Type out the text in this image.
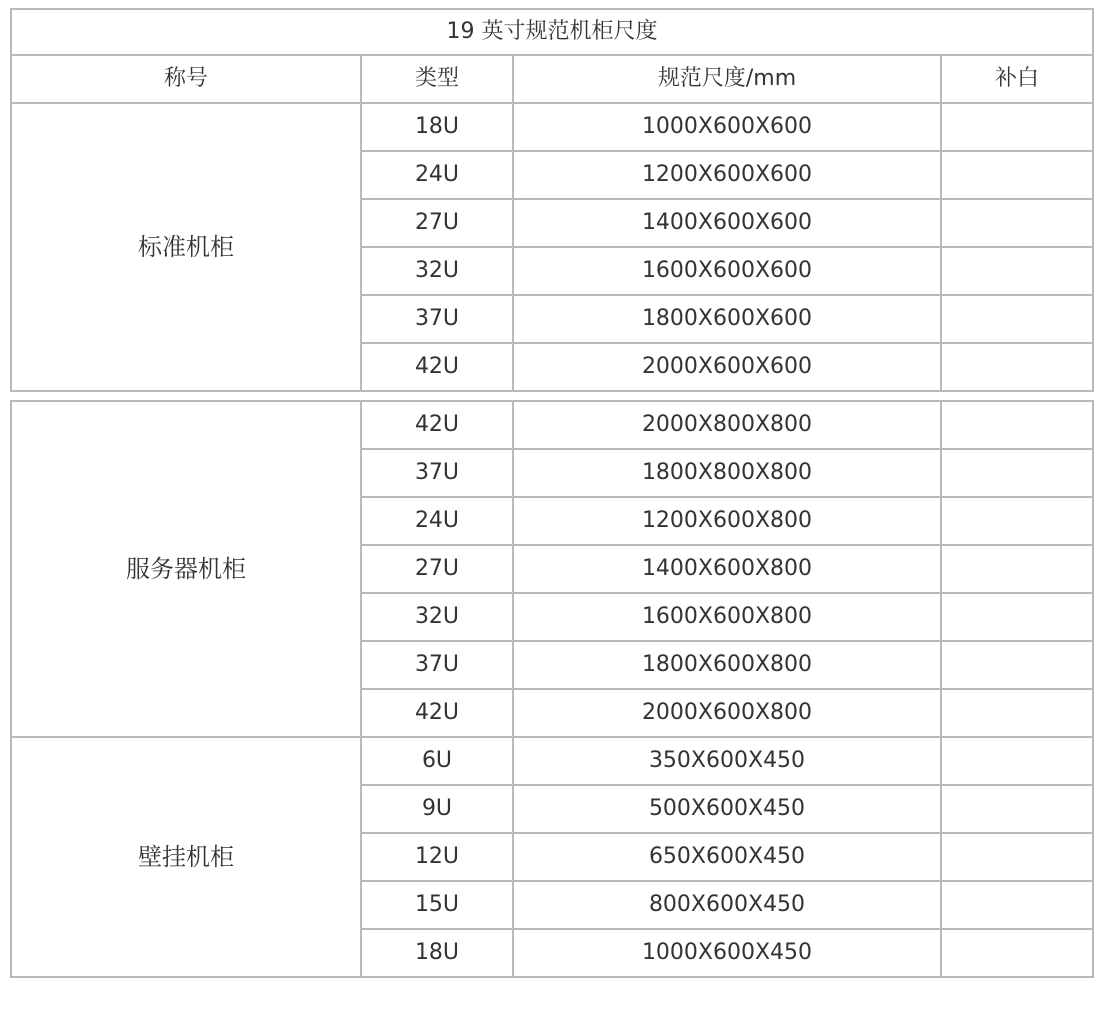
19 英寸规范机柜尺度			
称号	类型	规范尺度/mm	补白
标准机柜	18U	1000X600X600	
	24U	1200X600X600	
	27U	1400X600X600	
	32U	1600X600X600	
	37U	1800X600X600	
	42U	2000X600X600	

服务器机柜	42U	2000X800X800	
	37U	1800X800X800	
	24U	1200X600X800	
	27U	1400X600X800	
	32U	1600X600X800	
	37U	1800X600X800	
	42U	2000X600X800	
壁挂机柜	6U	350X600X450	
	9U	500X600X450	
	12U	650X600X450	
	15U	800X600X450	
	18U	1000X600X450	
